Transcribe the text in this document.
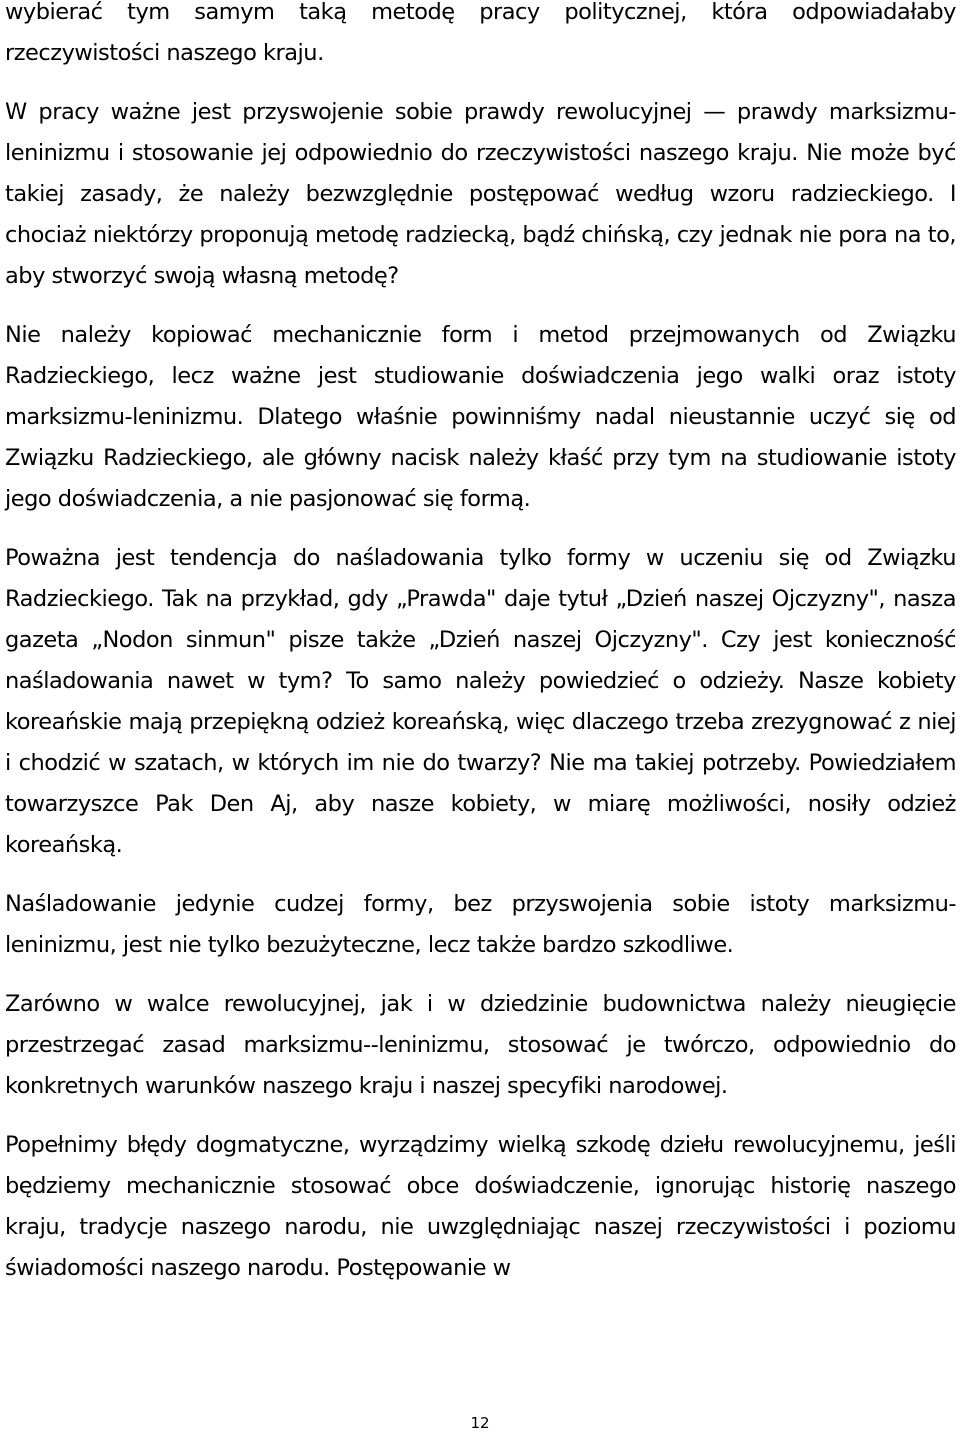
wybierać tym samym taką metodę pracy politycznej, która odpowiadałaby rzeczywistości naszego kraju.

W pracy ważne jest przyswojenie sobie prawdy rewolucyjnej — prawdy marksizmu-leninizmu i stosowanie jej odpowiednio do rzeczywistości naszego kraju. Nie może być takiej zasady, że należy bezwzględnie postępować według wzoru radzieckiego. I chociaż niektórzy proponują metodę radziecką, bądź chińską, czy jednak nie pora na to, aby stworzyć swoją własną metodę?

Nie należy kopiować mechanicznie form i metod przejmowanych od Związku Radzieckiego, lecz ważne jest studiowanie doświadczenia jego walki oraz istoty marksizmu-leninizmu. Dlatego właśnie powinniśmy nadal nieustannie uczyć się od Związku Radzieckiego, ale główny nacisk należy kłaść przy tym na studiowanie istoty jego doświadczenia, a nie pasjonować się formą.

Poważna jest tendencja do naśladowania tylko formy w uczeniu się od Związku Radzieckiego. Tak na przykład, gdy „Prawda" daje tytuł „Dzień naszej Ojczyzny", nasza gazeta „Nodon sinmun" pisze także „Dzień naszej Ojczyzny". Czy jest konieczność naśladowania nawet w tym? To samo należy powiedzieć o odzieży. Nasze kobiety koreańskie mają przepiękną odzież koreańską, więc dlaczego trzeba zrezygnować z niej i chodzić w szatach, w których im nie do twarzy? Nie ma takiej potrzeby. Powiedziałem towarzyszce Pak Den Aj, aby nasze kobiety, w miarę możliwości, nosiły odzież koreańską.

Naśladowanie jedynie cudzej formy, bez przyswojenia sobie istoty marksizmu-leninizmu, jest nie tylko bezużyteczne, lecz także bardzo szkodliwe.

Zarówno w walce rewolucyjnej, jak i w dziedzinie budownictwa należy nieugięcie przestrzegać zasad marksizmu--leninizmu, stosować je twórczo, odpowiednio do konkretnych warunków naszego kraju i naszej specyfiki narodowej.

Popełnimy błędy dogmatyczne, wyrządzimy wielką szkodę dziełu rewolucyjnemu, jeśli będziemy mechanicznie stosować obce doświadczenie, ignorując historię naszego kraju, tradycje naszego narodu, nie uwzględniając naszej rzeczywistości i poziomu świadomości naszego narodu. Postępowanie w

12
